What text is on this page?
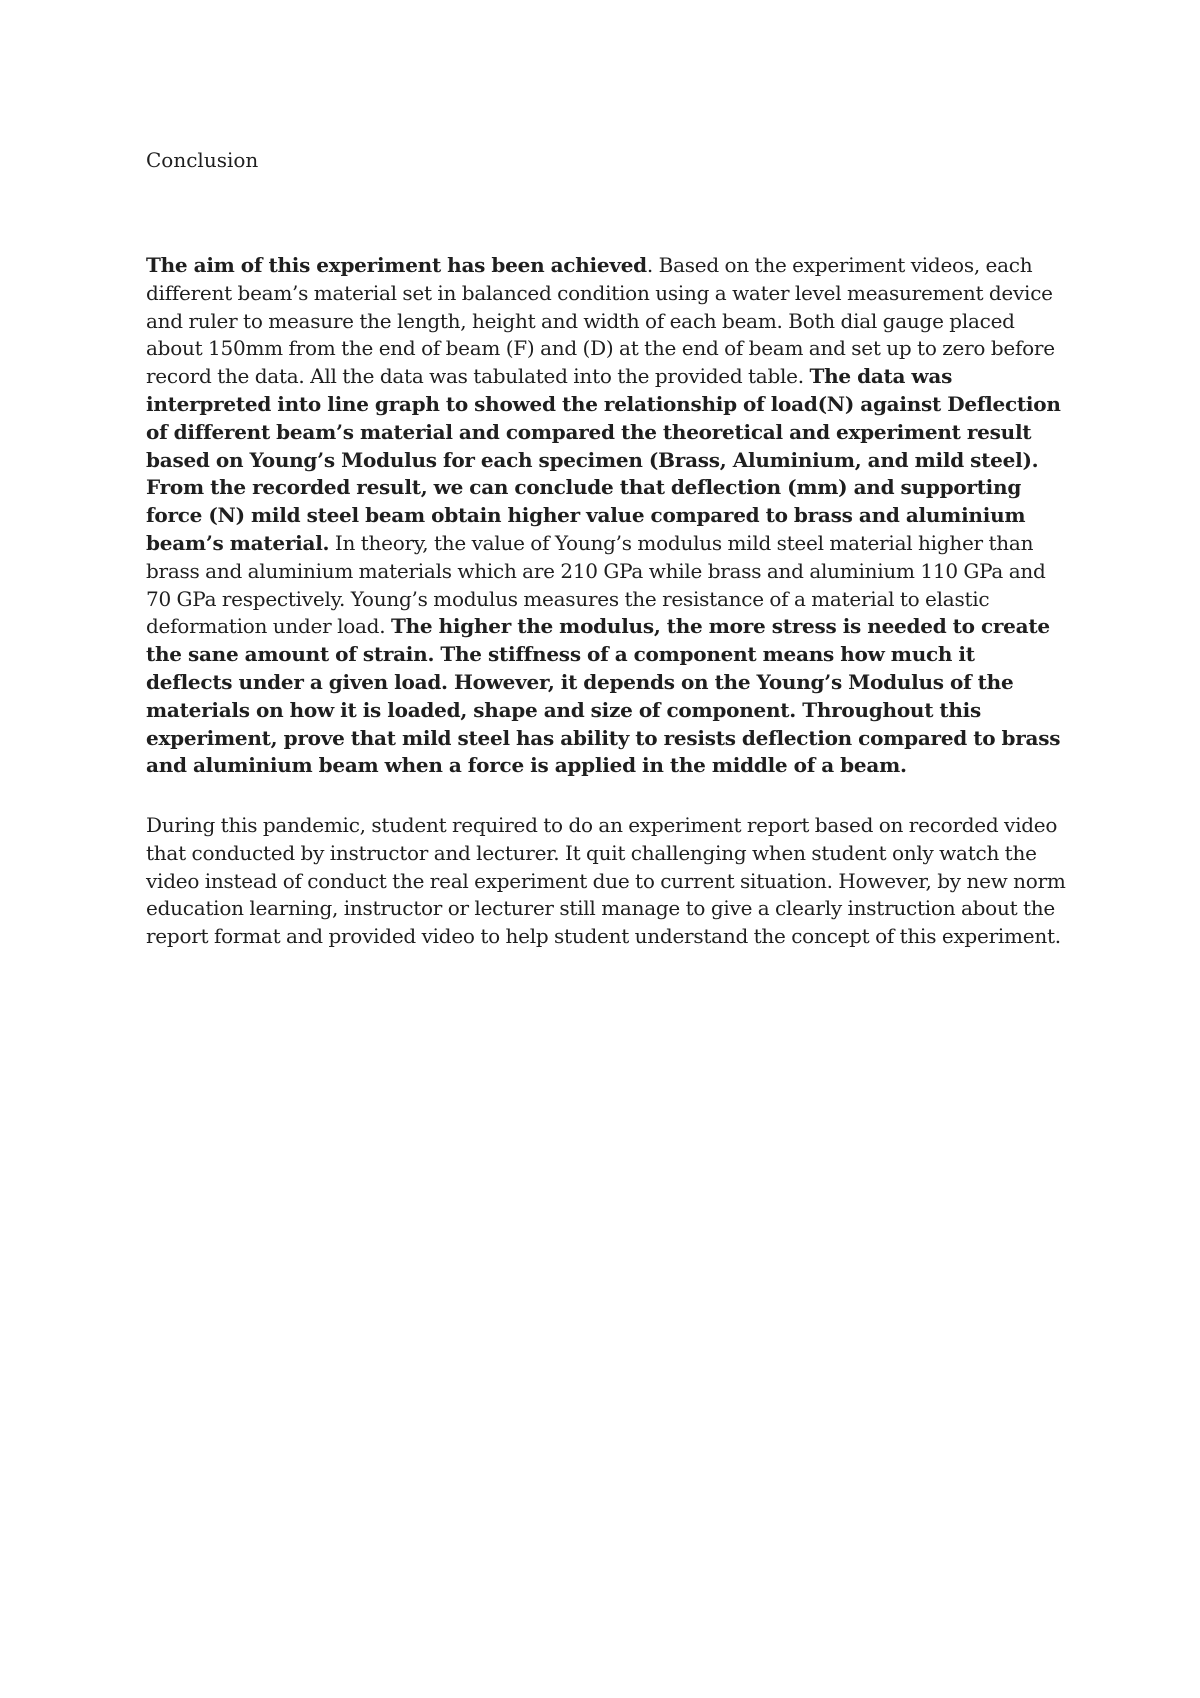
Conclusion

The aim of this experiment has been achieved. Based on the experiment videos, each different beam’s material set in balanced condition using a water level measurement device and ruler to measure the length, height and width of each beam. Both dial gauge placed about 150mm from the end of beam (F) and (D) at the end of beam and set up to zero before record the data. All the data was tabulated into the provided table. The data was interpreted into line graph to showed the relationship of load(N) against Deflection of different beam’s material and compared the theoretical and experiment result based on Young’s Modulus for each specimen (Brass, Aluminium, and mild steel). From the recorded result, we can conclude that deflection (mm) and supporting force (N) mild steel beam obtain higher value compared to brass and aluminium beam’s material. In theory, the value of Young’s modulus mild steel material higher than brass and aluminium materials which are 210 GPa while brass and aluminium 110 GPa and 70 GPa respectively. Young’s modulus measures the resistance of a material to elastic deformation under load. The higher the modulus, the more stress is needed to create the sane amount of strain. The stiffness of a component means how much it deflects under a given load. However, it depends on the Young’s Modulus of the materials on how it is loaded, shape and size of component. Throughout this experiment, prove that mild steel has ability to resists deflection compared to brass and aluminium beam when a force is applied in the middle of a beam.

During this pandemic, student required to do an experiment report based on recorded video that conducted by instructor and lecturer. It quit challenging when student only watch the video instead of conduct the real experiment due to current situation. However, by new norm education learning, instructor or lecturer still manage to give a clearly instruction about the report format and provided video to help student understand the concept of this experiment.
